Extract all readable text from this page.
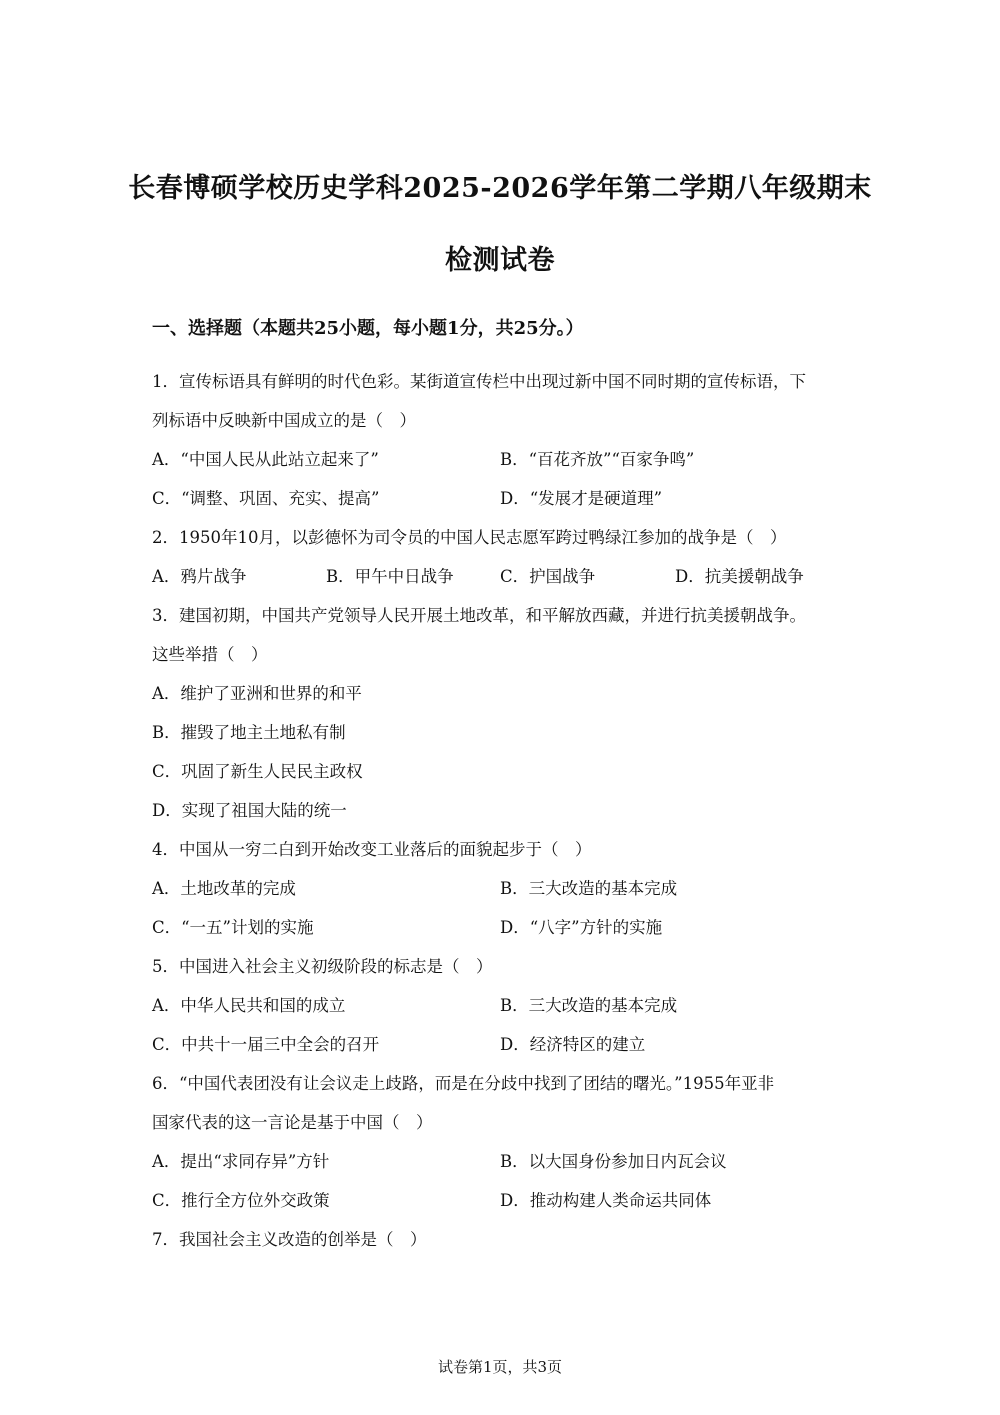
长春博硕学校历史学科2025-2026学年第二学期八年级期末
检测试卷
一、选择题（本题共25小题，每小题1分，共25分。）
1．宣传标语具有鲜明的时代色彩。某街道宣传栏中出现过新中国不同时期的宣传标语，下
列标语中反映新中国成立的是（　）
A．“中国人民从此站立起来了”	B．“百花齐放”“百家争鸣”
C．“调整、巩固、充实、提高”	D．“发展才是硬道理”
2．1950年10月，以彭德怀为司令员的中国人民志愿军跨过鸭绿江参加的战争是（　）
A．鸦片战争	B．甲午中日战争	C．护国战争	D．抗美援朝战争
3．建国初期，中国共产党领导人民开展土地改革，和平解放西藏，并进行抗美援朝战争。
这些举措（　）
A．维护了亚洲和世界的和平
B．摧毁了地主土地私有制
C．巩固了新生人民民主政权
D．实现了祖国大陆的统一
4．中国从一穷二白到开始改变工业落后的面貌起步于（　）
A．土地改革的完成	B．三大改造的基本完成
C．“一五”计划的实施	D．“八字”方针的实施
5．中国进入社会主义初级阶段的标志是（　）
A．中华人民共和国的成立	B．三大改造的基本完成
C．中共十一届三中全会的召开	D．经济特区的建立
6．“中国代表团没有让会议走上歧路，而是在分歧中找到了团结的曙光。”1955年亚非
国家代表的这一言论是基于中国（　）
A．提出“求同存异”方针	B．以大国身份参加日内瓦会议
C．推行全方位外交政策	D．推动构建人类命运共同体
7．我国社会主义改造的创举是（　）
试卷第1页，共3页
